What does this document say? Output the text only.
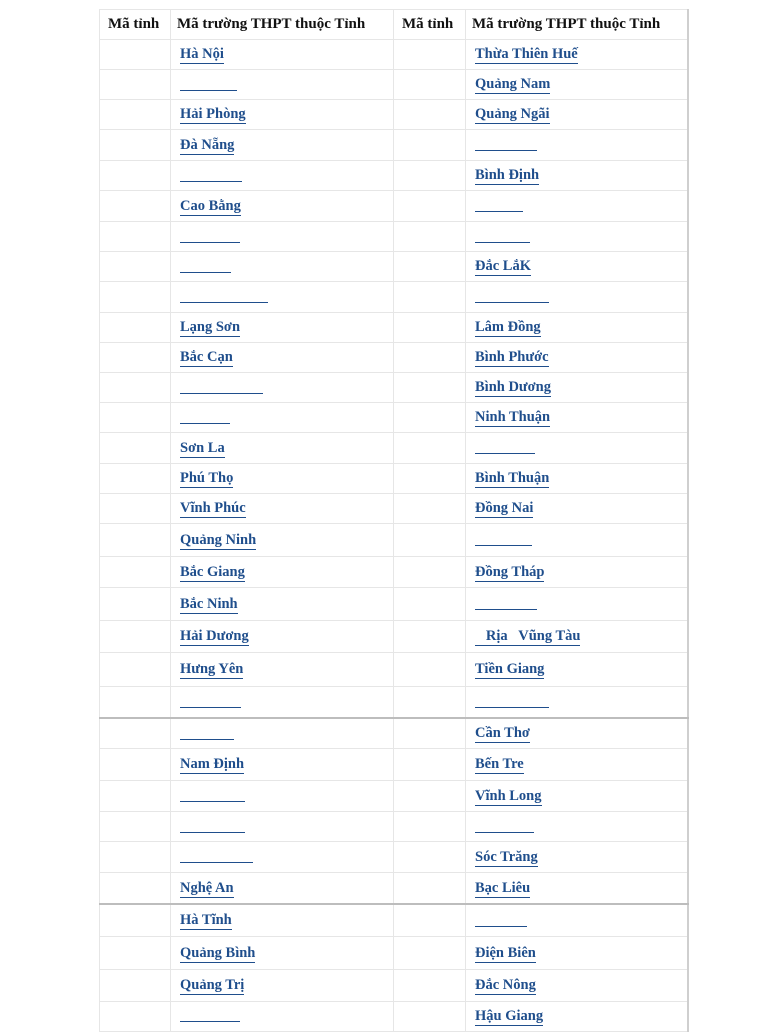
Mã tỉnh	Mã trường THPT thuộc Tỉnh	Mã tỉnh	Mã trường THPT thuộc Tỉnh
	Hà Nội		Thừa Thiên Huế
			Quảng Nam
	Hải Phòng		Quảng Ngãi
	Đà Nẵng		
			Bình Định
	Cao Bằng		

			Đắc LắK

	Lạng Sơn		Lâm Đồng
	Bắc Cạn		Bình Phước
			Bình Dương
			Ninh Thuận
	Sơn La		
	Phú Thọ		Bình Thuận
	Vĩnh Phúc		Đồng Nai
	Quảng Ninh		
	Bắc Giang		Đồng Tháp
	Bắc Ninh		
	Hải Dương		Rịa   Vũng Tàu
	Hưng Yên		Tiền Giang

			Cần Thơ
	Nam Định		Bến Tre
			Vĩnh Long

			Sóc Trăng
	Nghệ An		Bạc Liêu
	Hà Tĩnh		
	Quảng Bình		Điện Biên
	Quảng Trị		Đắc Nông
			Hậu Giang
